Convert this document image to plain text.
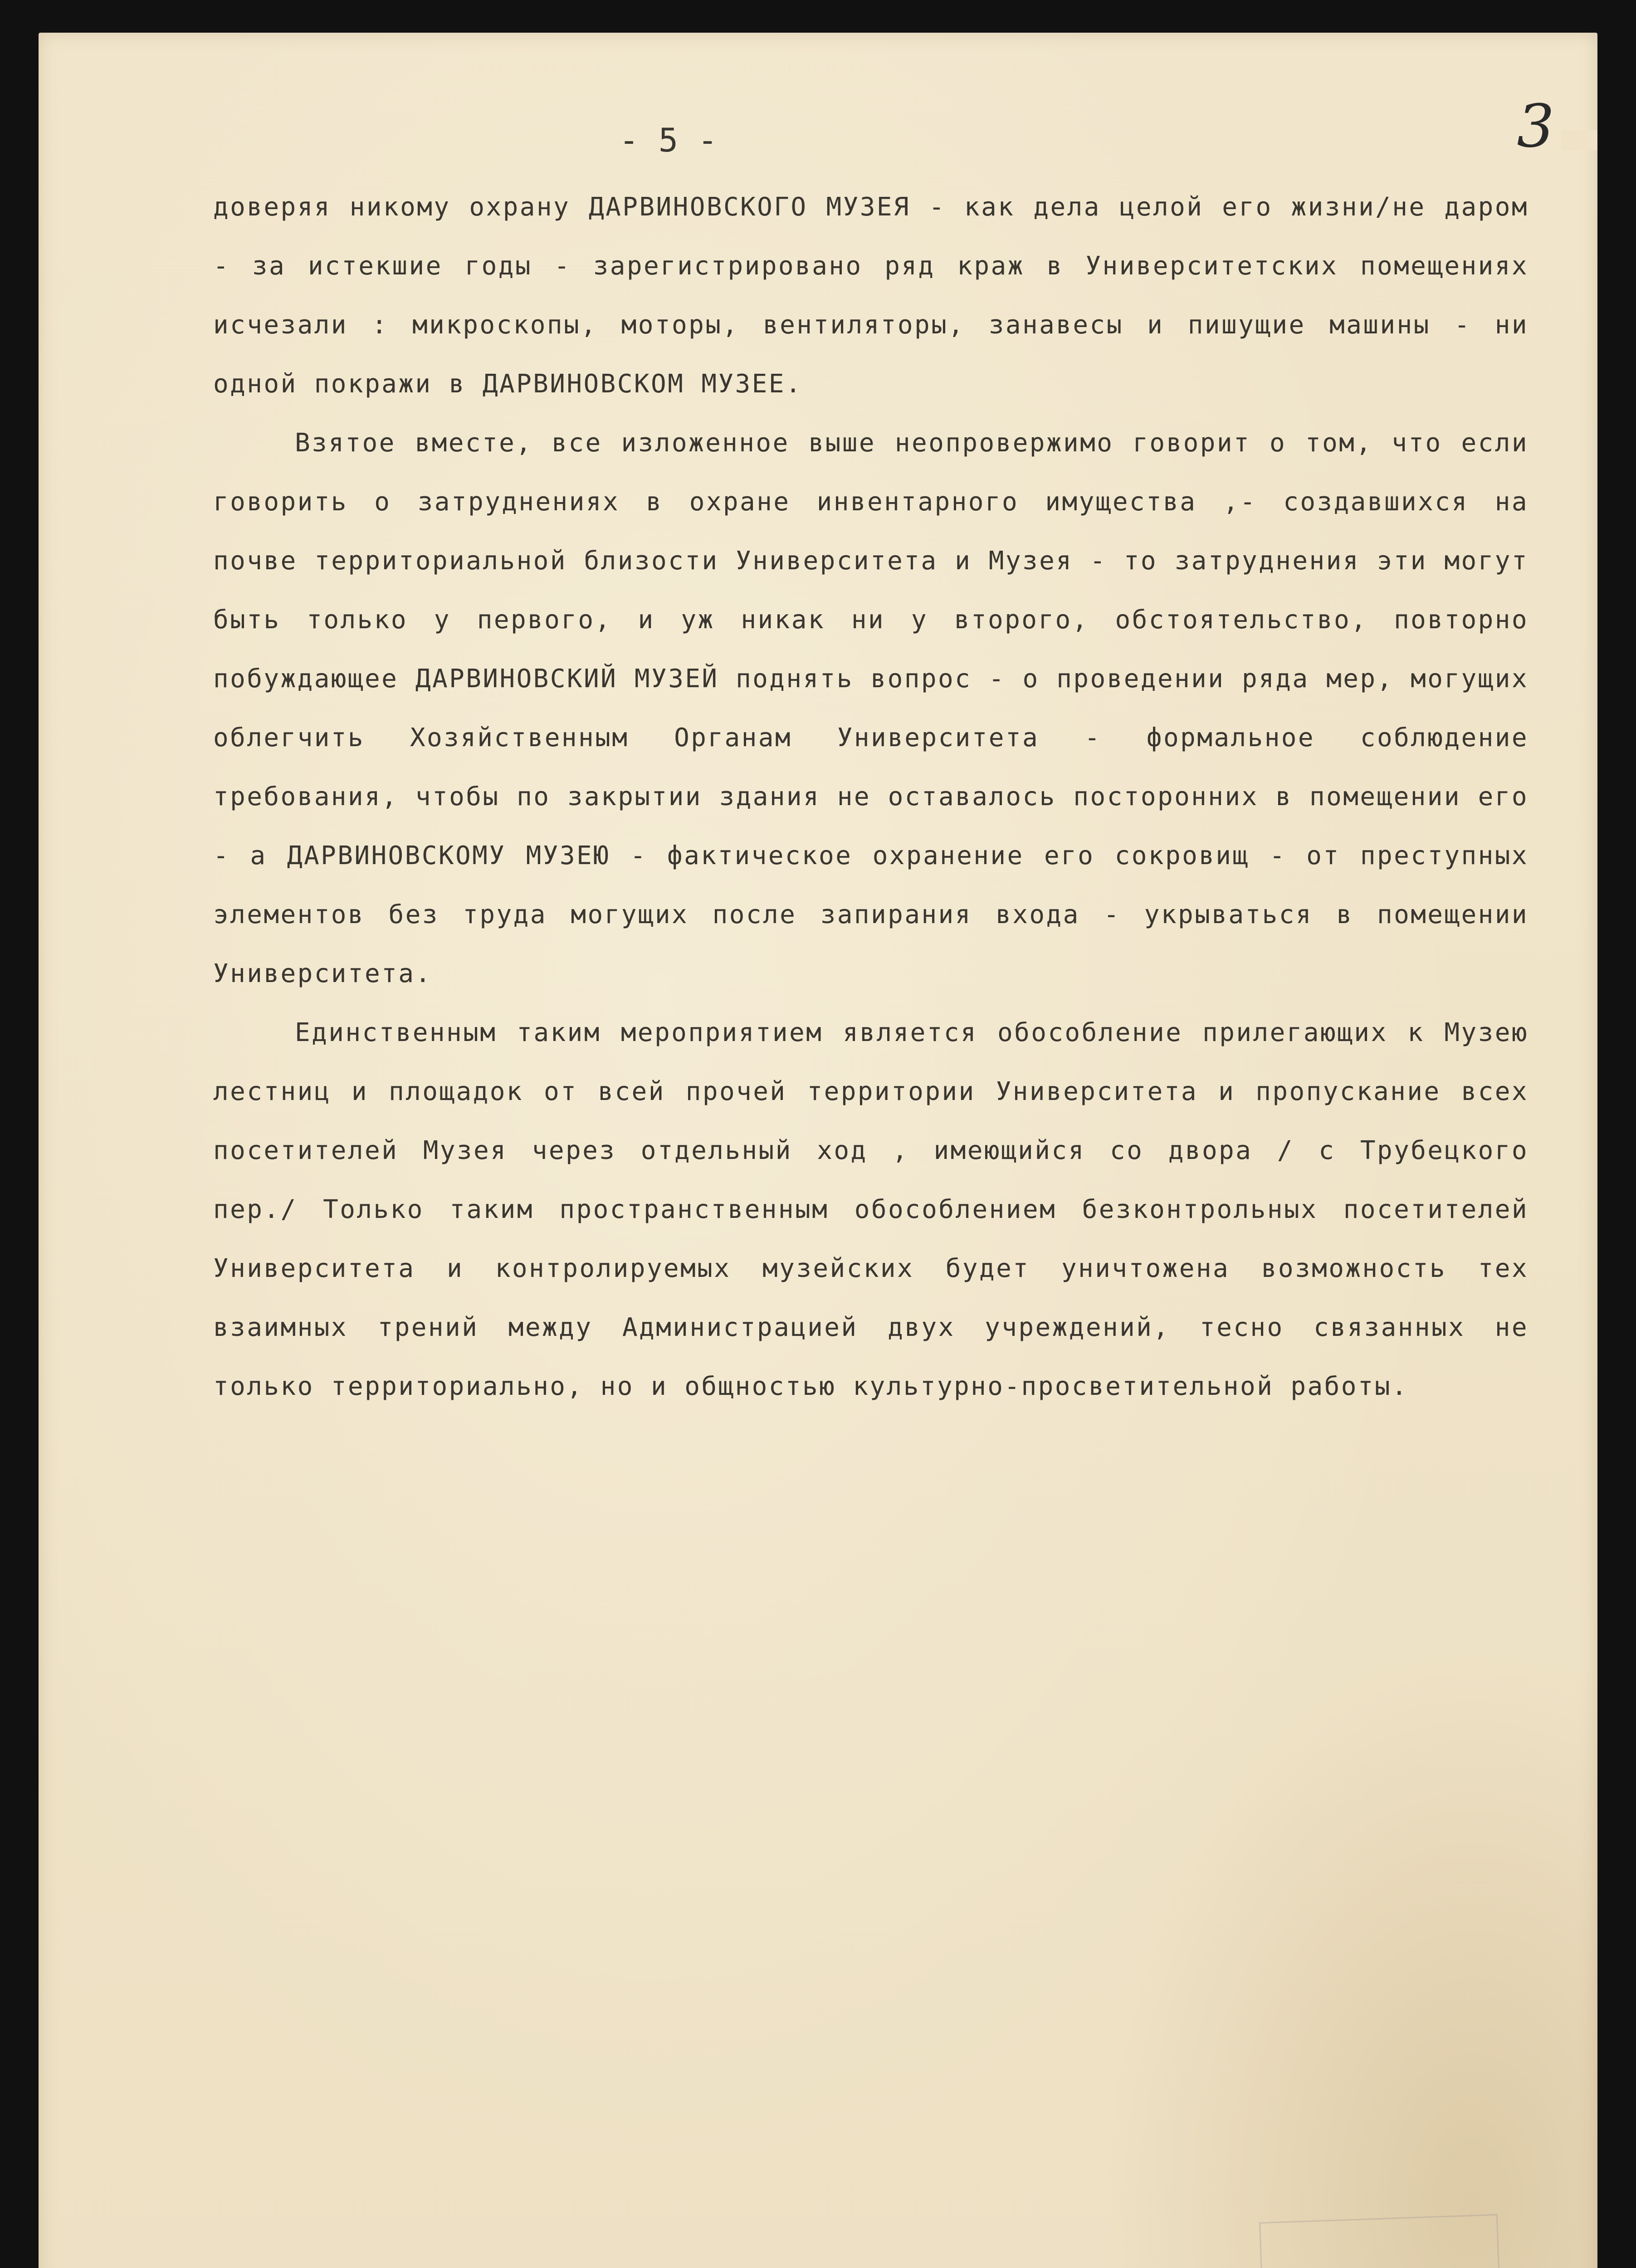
3
- 5 -

доверяя никому охрану ДАРВИНОВСКОГО МУЗЕЯ - как дела целой его жизни/не даром - за истекшие годы - зарегистрировано ряд краж в Университетских помещениях исчезали : микроскопы, моторы, вентиляторы, занавесы и пишущие машины - ни одной покражи в ДАРВИНОВСКОМ МУЗЕЕ.

Взятое вместе, все изложенное выше неопровержимо говорит о том, что если говорить о затруднениях в охране инвентарного имущества ,- создавшихся на почве территориальной близости Университета и Музея - то затруднения эти могут быть только у первого, и уж никак ни у второго, обстоятельство, повторно побуждающее ДАРВИНОВСКИЙ МУЗЕЙ поднять вопрос - о проведении ряда мер, могущих облегчить Хозяйственным Органам Университета - формальное соблюдение требования, чтобы по закрытии здания не оставалось посторонних в помещении его - а ДАРВИНОВСКОМУ МУЗЕЮ - фактическое охранение его сокровищ - от преступных элементов без труда могущих после запирания входа - укрываться в помещении Университета.

Единственным таким мероприятием является обособление прилегающих к Музею лестниц и площадок от всей прочей территории Университета и пропускание всех посетителей Музея через отдельный ход , имеющийся со двора / с Трубецкого пер./ Только таким пространственным обособлением безконтрольных посетителей Университета и контролируемых музейских будет уничтожена возможность тех взаимных трений между Администрацией двух учреждений, тесно связанных не только территориально, но и общностью культурно-просветительной работы.
